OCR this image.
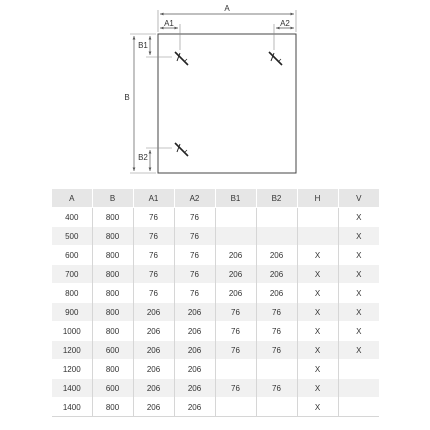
A
A1	A2
B
B1
B2
A	B	A1	A2	B1	B2	H	V
400	800	76	76				X
500	800	76	76				X
600	800	76	76	206	206	X	X
700	800	76	76	206	206	X	X
800	800	76	76	206	206	X	X
900	800	206	206	76	76	X	X
1000	800	206	206	76	76	X	X
1200	600	206	206	76	76	X	X
1200	800	206	206			X	
1400	600	206	206	76	76	X	
1400	800	206	206			X	
